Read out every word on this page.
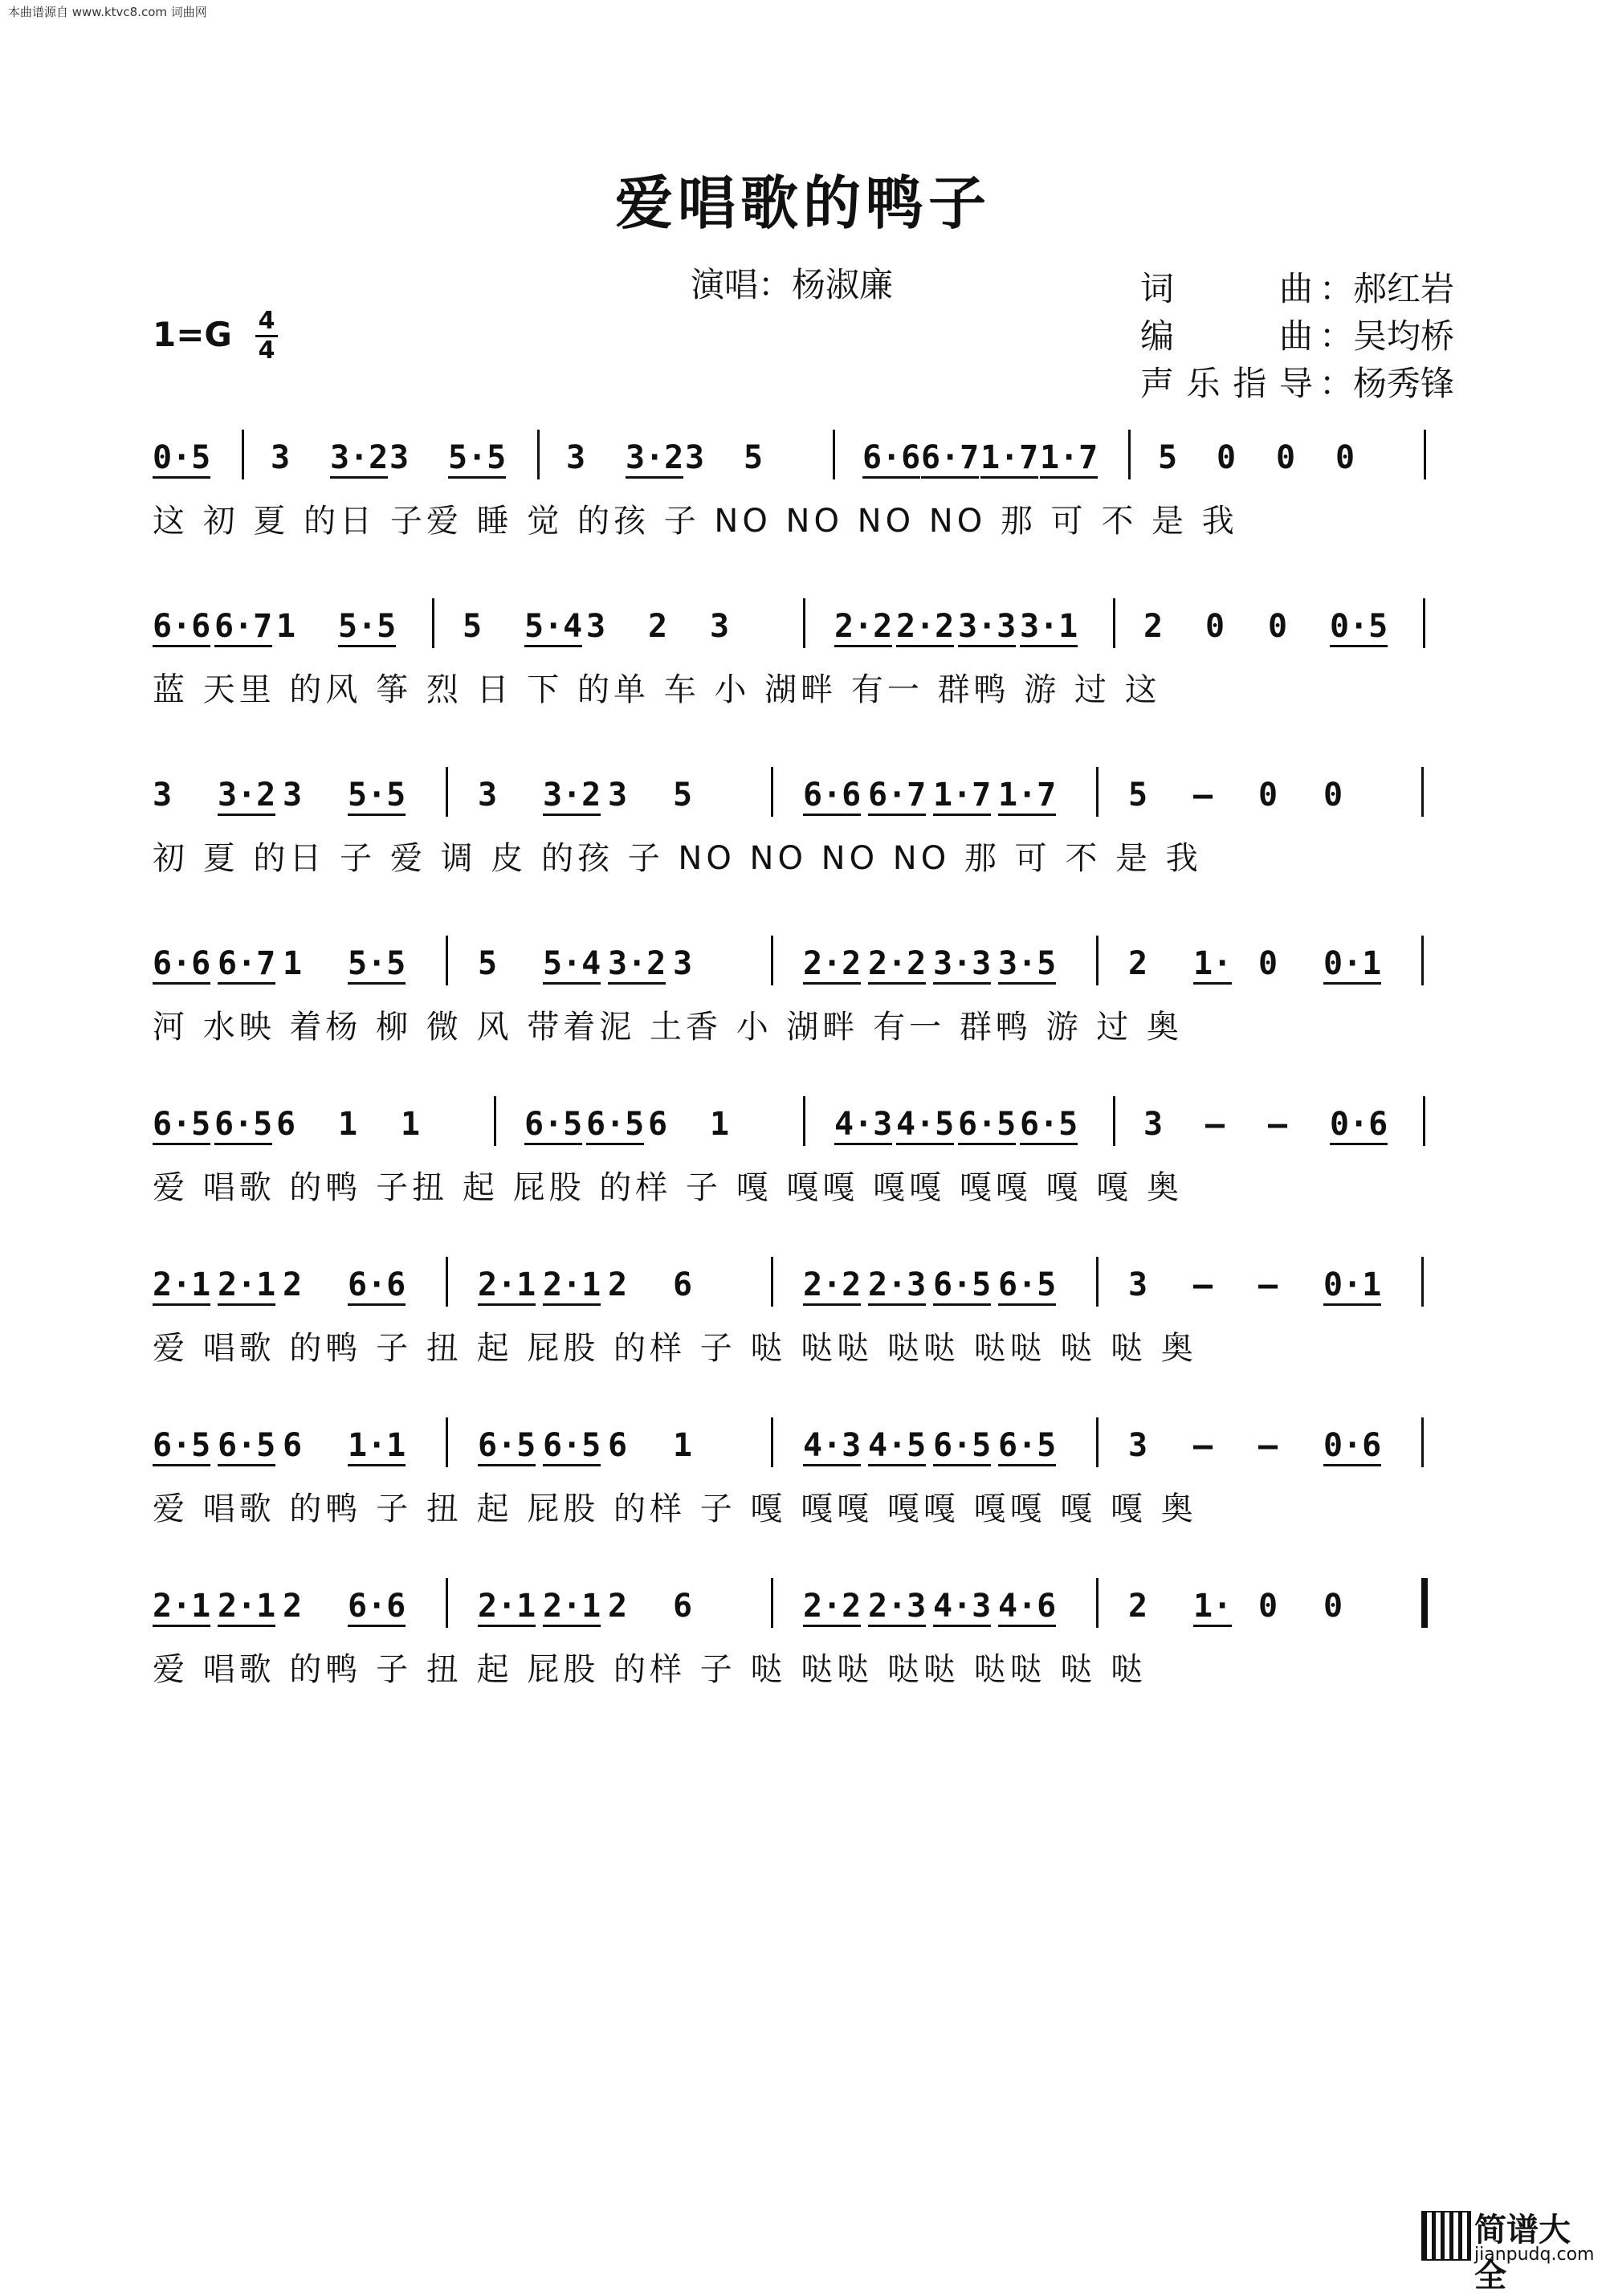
本曲谱源自 www.ktvc8.com 词曲网
爱唱歌的鸭子
演唱：杨淑廉
1=G 4
4
词曲 ：郝红岩
编曲 ：吴均桥
声乐指导 ：杨秀锋
0·5 3 3·2 3 5·5 3 3·2 3 5	6·6 6·7 1·7 1·7 5 0 0 0
这 初 夏 的日 子爱 睡 觉 的孩 子 NO NO NO NO 那 可 不 是 我
6·6 6·7 1 5·5 5 5·4 3 2 3	2·2 2·2 3·3 3·1 2 0 0 0·5
蓝 天里 的风 筝 烈 日 下 的单 车 小 湖畔 有一 群鸭 游 过 这
3 3·2 3 5·5 3 3·2 3 5	6·6 6·7 1·7 1·7 5 – 0 0
初 夏 的日 子 爱 调 皮 的孩 子 NO NO NO NO 那 可 不 是 我
6·6 6·7 1 5·5 5 5·4 3·2 3	2·2 2·2 3·3 3·5 2 1· 0 0·1
河 水映 着杨 柳 微 风 带着泥 土香 小 湖畔 有一 群鸭 游 过 奥
6·5 6·5 6 1 1	6·5 6·5 6 1	4·3 4·5 6·5 6·5 3 – – 0·6
爱 唱歌 的鸭 子扭 起 屁股 的样 子 嘎 嘎嘎 嘎嘎 嘎嘎 嘎 嘎 奥
2·1 2·1 2 6·6 2·1 2·1 2 6	2·2 2·3 6·5 6·5 3 – – 0·1
爱 唱歌 的鸭 子 扭 起 屁股 的样 子 哒 哒哒 哒哒 哒哒 哒 哒 奥
6·5 6·5 6 1·1 6·5 6·5 6 1	4·3 4·5 6·5 6·5 3 – – 0·6
爱 唱歌 的鸭 子 扭 起 屁股 的样 子 嘎 嘎嘎 嘎嘎 嘎嘎 嘎 嘎 奥
2·1 2·1 2 6·6 2·1 2·1 2 6	2·2 2·3 4·3 4·6 2 1· 0 0
爱 唱歌 的鸭 子 扭 起 屁股 的样 子 哒 哒哒 哒哒 哒哒 哒 哒
简谱大全
jianpudq.com
